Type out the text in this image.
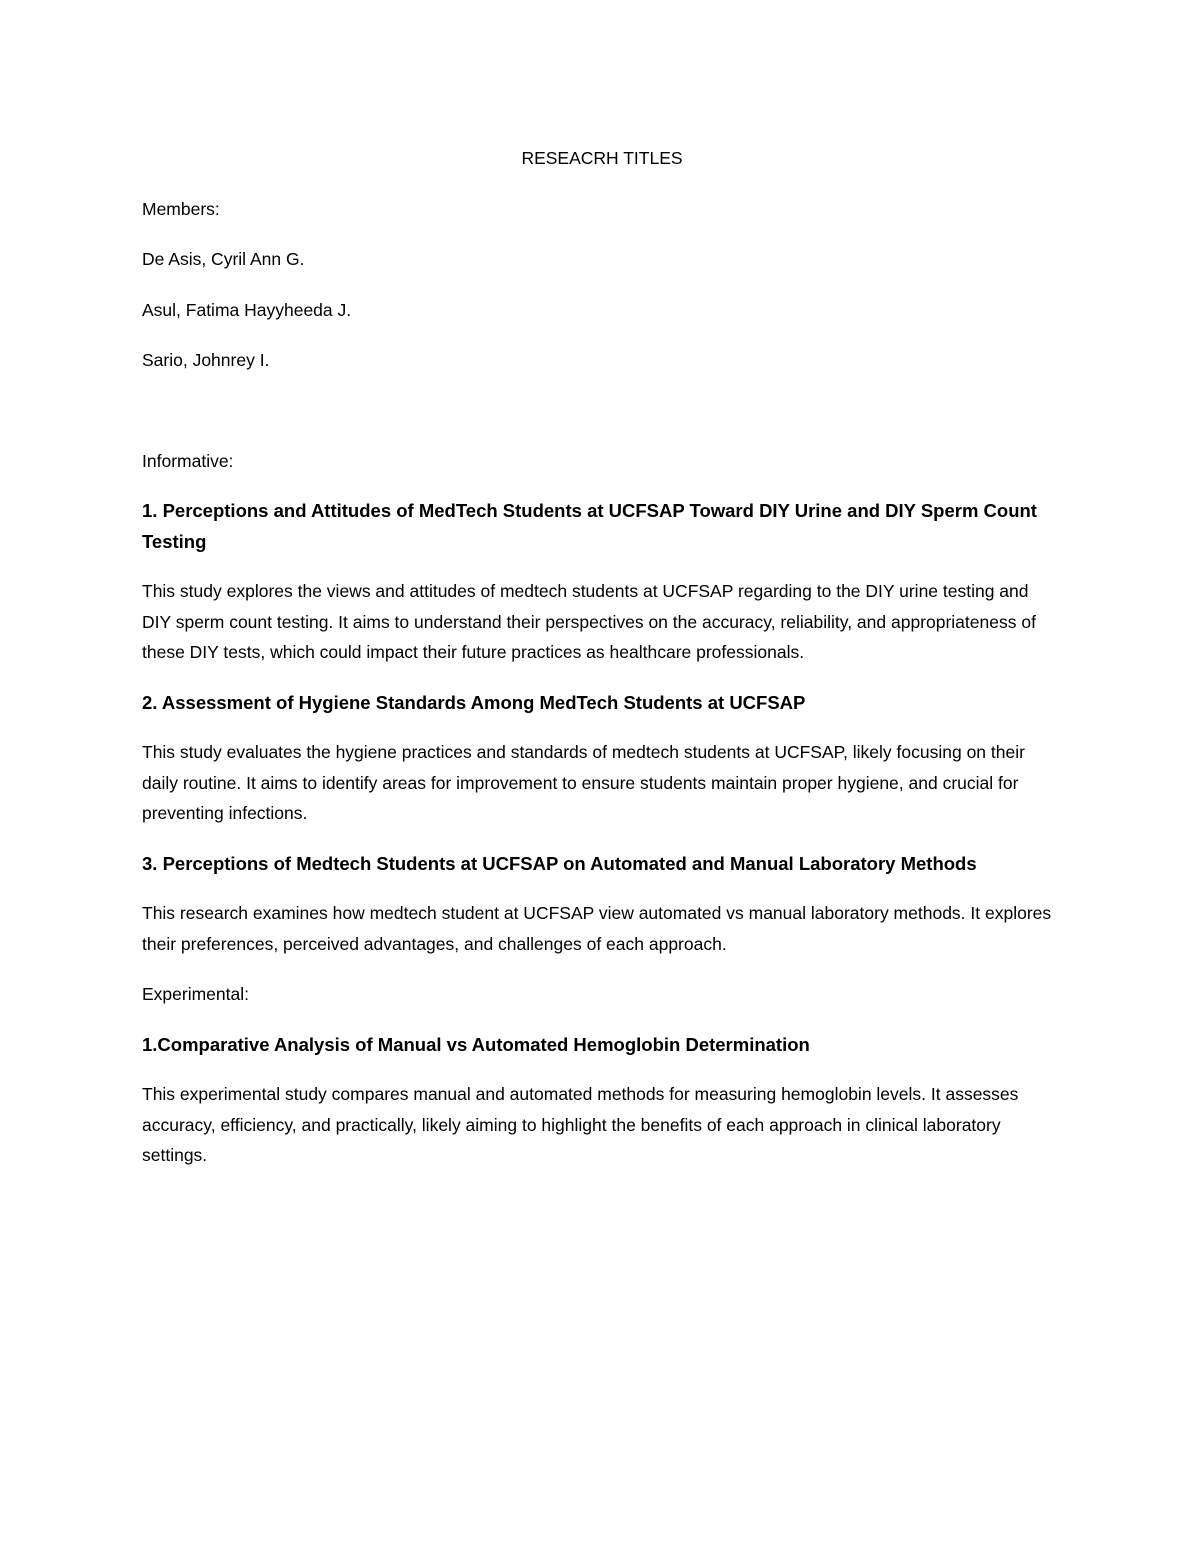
RESEACRH TITLES

Members:

De Asis, Cyril Ann G.

Asul, Fatima Hayyheeda J.

Sario, Johnrey I.

Informative:

1. Perceptions and Attitudes of MedTech Students at UCFSAP Toward DIY Urine and DIY Sperm Count Testing

This study explores the views and attitudes of medtech students at UCFSAP regarding to the DIY urine testing and DIY sperm count testing. It aims to understand their perspectives on the accuracy, reliability, and appropriateness of these DIY tests, which could impact their future practices as healthcare professionals.

2. Assessment of Hygiene Standards Among MedTech Students at UCFSAP

This study evaluates the hygiene practices and standards of medtech students at UCFSAP, likely focusing on their daily routine. It aims to identify areas for improvement to ensure students maintain proper hygiene, and crucial for preventing infections.

3. Perceptions of Medtech Students at UCFSAP on Automated and Manual Laboratory Methods

This research examines how medtech student at UCFSAP view automated vs manual laboratory methods. It explores their preferences, perceived advantages, and challenges of each approach.

Experimental:

1.Comparative Analysis of Manual vs Automated Hemoglobin Determination

This experimental study compares manual and automated methods for measuring hemoglobin levels. It assesses accuracy, efficiency, and practically, likely aiming to highlight the benefits of each approach in clinical laboratory settings.
